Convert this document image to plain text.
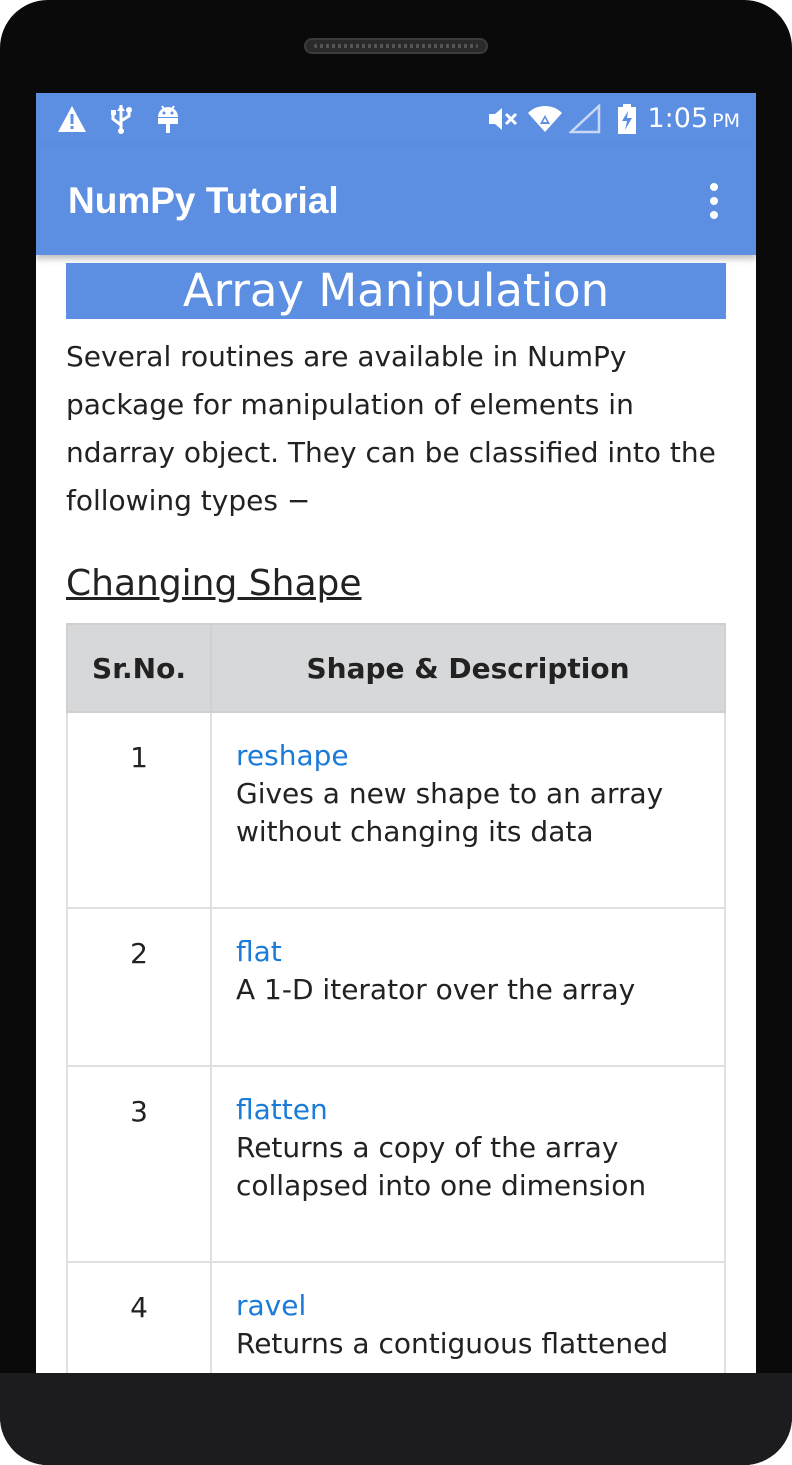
1:05 PM
NumPy Tutorial
Array Manipulation
Several routines are available in NumPy package for manipulation of elements in ndarray object. They can be classified into the following types −
Changing Shape
Sr.No.	Shape & Description
1	reshape
Gives a new shape to an array without changing its data

2	flat
A 1-D iterator over the array

3	flatten
Returns a copy of the array collapsed into one dimension

4	ravel
Returns a contiguous flattened
